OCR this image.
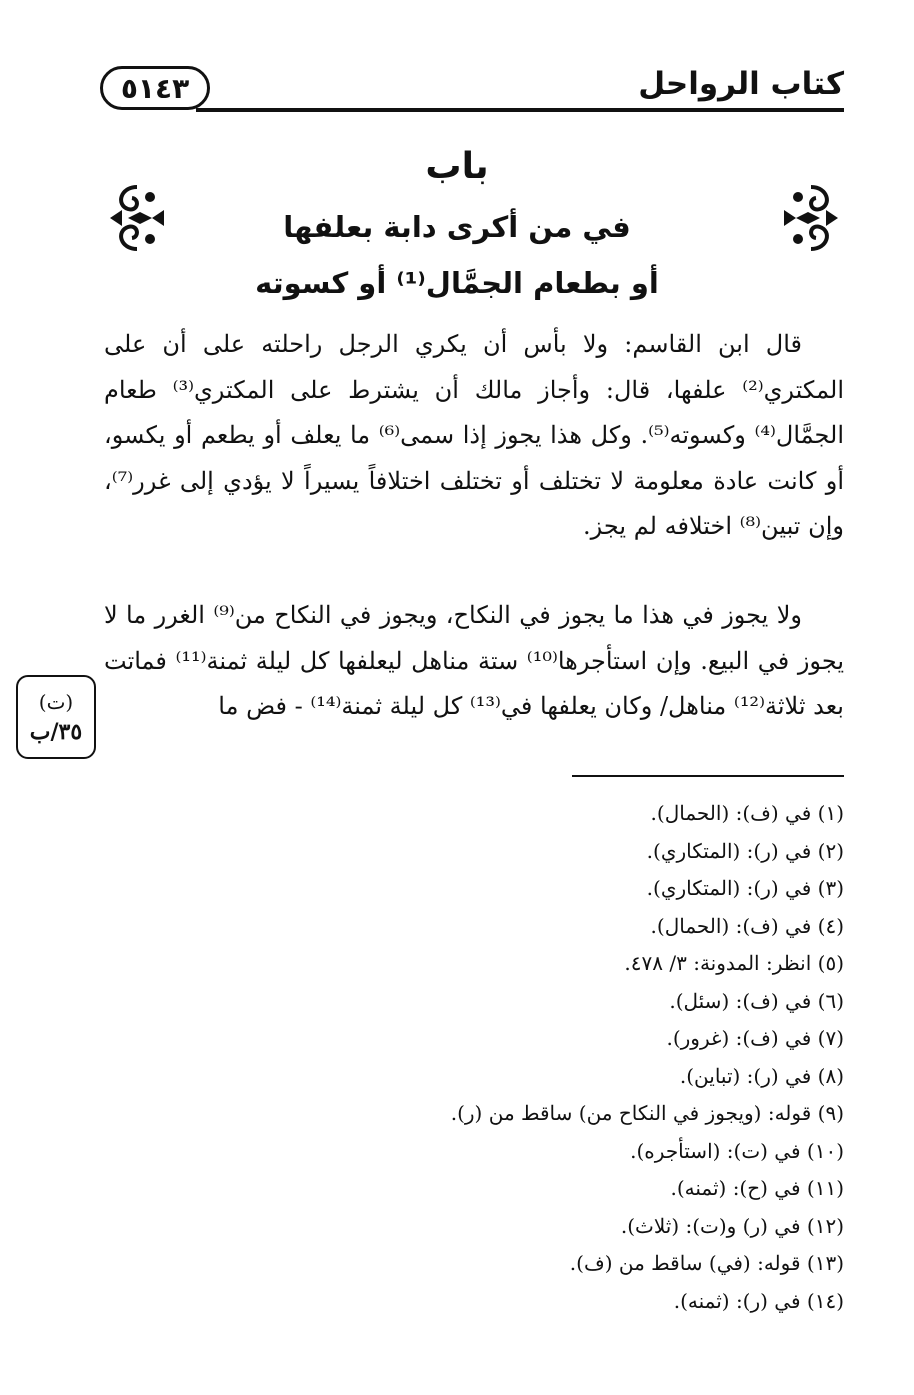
كتاب الرواحل
٥١٤٣
باب
في من أكرى دابة بعلفها
أو بطعام الجمَّال⁽¹⁾ أو كسوته
قال ابن القاسم: ولا بأس أن يكري الرجل راحلته على أن على المكتري⁽²⁾ علفها، قال: وأجاز مالك أن يشترط على المكتري⁽³⁾ طعام الجمَّال⁽⁴⁾ وكسوته⁽⁵⁾. وكل هذا يجوز إذا سمى⁽⁶⁾ ما يعلف أو يطعم أو يكسو، أو كانت عادة معلومة لا تختلف أو تختلف اختلافاً يسيراً لا يؤدي إلى غرر⁽⁷⁾، وإن تبين⁽⁸⁾ اختلافه لم يجز.
ولا يجوز في هذا ما يجوز في النكاح، ويجوز في النكاح من⁽⁹⁾ الغرر ما لا يجوز في البيع. وإن استأجرها⁽¹⁰⁾ ستة مناهل ليعلفها كل ليلة ثمنة⁽¹¹⁾ فماتت بعد ثلاثة⁽¹²⁾ مناهل/ وكان يعلفها في⁽¹³⁾ كل ليلة ثمنة⁽¹⁴⁾ - فض ما
(ت)
٣٥/ب
(١) في (ف): (الحمال).
(٢) في (ر): (المتكاري).
(٣) في (ر): (المتكاري).
(٤) في (ف): (الحمال).
(٥) انظر: المدونة: ٣/ ٤٧٨.
(٦) في (ف): (سئل).
(٧) في (ف): (غرور).
(٨) في (ر): (تباين).
(٩) قوله: (ويجوز في النكاح من) ساقط من (ر).
(١٠) في (ت): (استأجره).
(١١) في (ح): (ثمنه).
(١٢) في (ر) و(ت): (ثلاث).
(١٣) قوله: (في) ساقط من (ف).
(١٤) في (ر): (ثمنه).
